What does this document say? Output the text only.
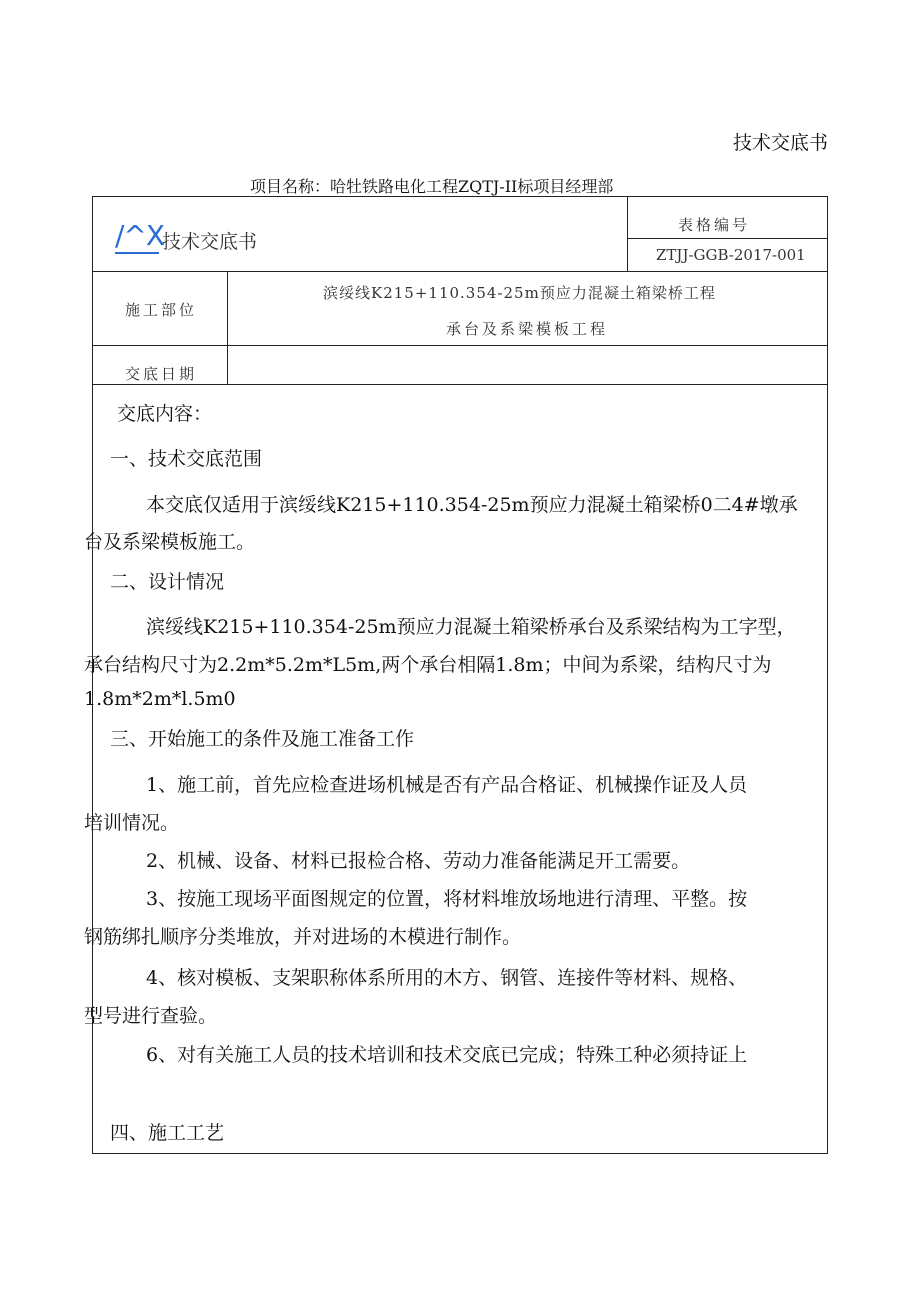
技术交底书
项目名称：哈牡铁路电化工程ZQTJ-II标项目经理部
/^X
技术交底书
表格编号
ZTJJ-GGB-2017-001
施工部位
滨绥线K215+110.354-25m预应力混凝土箱梁桥工程
承台及系梁模板工程
交底日期
交底内容：
一、技术交底范围
本交底仅适用于滨绥线K215+110.354-25m预应力混凝土箱梁桥0二4#墩承
台及系梁模板施工。
二、设计情况
滨绥线K215+110.354-25m预应力混凝土箱梁桥承台及系梁结构为工字型，
承台结构尺寸为2.2m*5.2m*L5m,两个承台相隔1.8m；中间为系梁，结构尺寸为
1.8m*2m*l.5m0
三、开始施工的条件及施工准备工作
1、施工前，首先应检查进场机械是否有产品合格证、机械操作证及人员
培训情况。
2、机械、设备、材料已报检合格、劳动力准备能满足开工需要。
3、按施工现场平面图规定的位置，将材料堆放场地进行清理、平整。按
钢筋绑扎顺序分类堆放，并对进场的木模进行制作。
4、核对模板、支架职称体系所用的木方、钢管、连接件等材料、规格、
型号进行查验。
6、对有关施工人员的技术培训和技术交底已完成；特殊工种必须持证上
四、施工工艺
